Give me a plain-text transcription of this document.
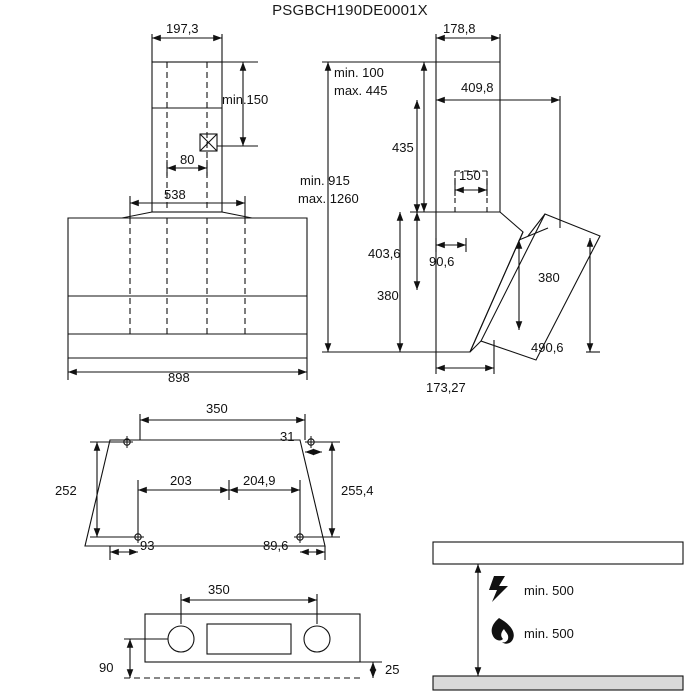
PSGBCH190DE0001X
197,3
min.150
80
538
898
178,8
min. 100
max. 445	409,8
435
150
min. 915
max. 1260
403,6
90,6
380
380
490,6
173,27
350
31
252
203	204,9
255,4
93	89,6
350
90	25
min. 500
min. 500
